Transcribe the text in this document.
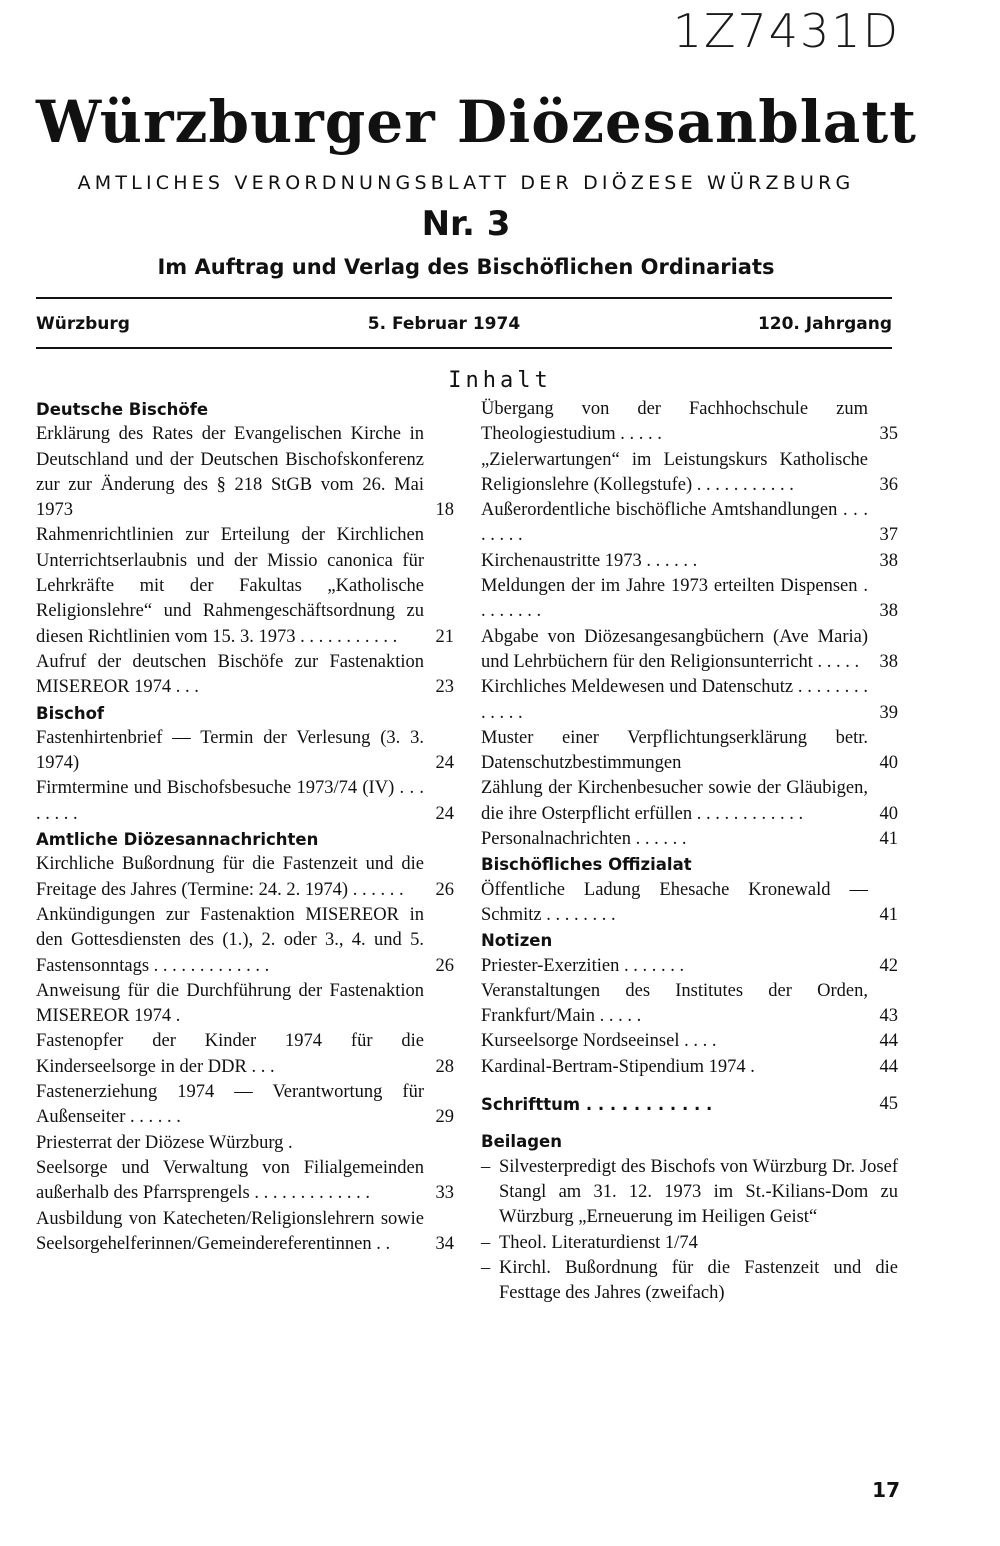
1Z7431D
Würzburger Diözesanblatt
AMTLICHES VERORDNUNGSBLATT DER DIÖZESE WÜRZBURG
Nr. 3
Im Auftrag und Verlag des Bischöflichen Ordinariats
Würzburg	5. Februar 1974	120. Jahrgang
Inhalt
Deutsche Bischöfe
Erklärung des Rates der Evangelischen Kirche in Deutschland und der Deutschen Bischofskonferenz zur zur Änderung des § 218 StGB vom 26. Mai 1973	18
Rahmenrichtlinien zur Erteilung der Kirchlichen Unterrichtserlaubnis und der Missio canonica für Lehrkräfte mit der Fakultas „Katholische Religionslehre“ und Rahmengeschäftsordnung zu diesen Richtlinien vom 15. 3. 1973 . . . . . . . . . . .	21
Aufruf der deutschen Bischöfe zur Fastenaktion MISEREOR 1974 . . .	23
Bischof
Fastenhirtenbrief — Termin der Verlesung (3. 3. 1974)	24
Firmtermine und Bischofsbesuche 1973/74 (IV) . . . . . . . .	24
Amtliche Diözesannachrichten
Kirchliche Bußordnung für die Fastenzeit und die Freitage des Jahres (Termine: 24. 2. 1974) . . . . . .	26
Ankündigungen zur Fastenaktion MISEREOR in den Gottesdiensten des (1.), 2. oder 3., 4. und 5. Fastensonntags . . . . . . . . . . . . .	26
Anweisung für die Durchführung der Fastenaktion MISEREOR 1974 .
Fastenopfer der Kinder 1974 für die Kinderseelsorge in der DDR . . .	28
Fastenerziehung 1974 — Verantwortung für Außenseiter . . . . . .	29
Priesterrat der Diözese Würzburg .
Seelsorge und Verwaltung von Filialgemeinden außerhalb des Pfarrsprengels . . . . . . . . . . . . .	33
Ausbildung von Katecheten/Religionslehrern sowie Seelsorgehelferinnen/Gemeindereferentinnen . .	34
Übergang von der Fachhochschule zum Theologiestudium . . . . .	35
„Zielerwartungen“ im Leistungskurs Katholische Religionslehre (Kollegstufe) . . . . . . . . . . .	36
Außerordentliche bischöfliche Amtshandlungen . . . . . . . .	37
Kirchenaustritte 1973 . . . . . .	38
Meldungen der im Jahre 1973 erteilten Dispensen . . . . . . . .	38
Abgabe von Diözesangesangbüchern (Ave Maria) und Lehrbüchern für den Religionsunterricht . . . . .	38
Kirchliches Meldewesen und Datenschutz . . . . . . . . . . . . .	39
Muster einer Verpflichtungserklärung betr. Datenschutzbestimmungen	40
Zählung der Kirchenbesucher sowie der Gläubigen, die ihre Osterpflicht erfüllen . . . . . . . . . . . .	40
Personalnachrichten . . . . . .	41
Bischöfliches Offizialat
Öffentliche Ladung Ehesache Kronewald — Schmitz . . . . . . . .	41
Notizen
Priester-Exerzitien . . . . . . .	42
Veranstaltungen des Institutes der Orden, Frankfurt/Main . . . . .	43
Kurseelsorge Nordseeinsel . . . .	44
Kardinal-Bertram-Stipendium 1974 .	44
Schrifttum . . . . . . . . . . .	45
Beilagen
– Silvesterpredigt des Bischofs von Würzburg Dr. Josef Stangl am 31. 12. 1973 im St.-Kilians-Dom zu Würzburg „Erneuerung im Heiligen Geist“
– Theol. Literaturdienst 1/74
– Kirchl. Bußordnung für die Fastenzeit und die Festtage des Jahres (zweifach)
17
